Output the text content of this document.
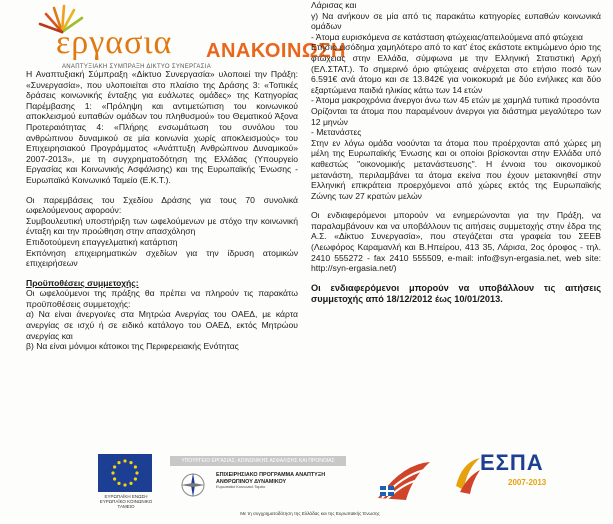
εργασια
ΑΝΑΠΤΥΞΙΑΚΗ ΣΥΜΠΡΑΞΗ ΔΙΚΤΥΟ ΣΥΝΕΡΓΑΣΙΑ
ΑΝΑΚΟΙΝΩΣΗ

Η Αναπτυξιακή Σύμπραξη «Δίκτυο Συνεργασία» υλοποιεί την Πράξη: «Συνεργασία», που υλοποιείται στο πλαίσιο της Δράσης 3: «Τοπικές δράσεις κοινωνικής ένταξης για ευάλωτες ομάδες» της Κατηγορίας Παρέμβασης 1: «Πρόληψη και αντιμετώπιση του κοινωνικού αποκλεισμού ευπαθών ομάδων του πληθυσμού» του Θεματικού Άξονα Προτεραιότητας 4: «Πλήρης ενσωμάτωση του συνόλου του ανθρώπινου δυναμικού σε μία κοινωνία χωρίς αποκλεισμούς» του Επιχειρησιακού Προγράμματος «Ανάπτυξη Ανθρώπινου Δυναμικού» 2007-2013», με τη συγχρηματοδότηση της Ελλάδας (Υπουργείο Εργασίας και Κοινωνικής Ασφάλισης) και της Ευρωπαϊκής Ένωσης - Ευρωπαϊκό Κοινωνικό Ταμείο (Ε.Κ.Τ.).

Οι παρεμβάσεις του Σχεδίου Δράσης για τους 70 συνολικά ωφελούμενους αφορούν:

Συμβουλευτική υποστήριξη των ωφελούμενων με στόχο την κοινωνική ένταξη και την προώθηση στην απασχόληση

Επιδοτούμενη επαγγελματική κατάρτιση

Εκπόνηση επιχειρηματικών σχεδίων για την ίδρυση ατομικών επιχειρήσεων

Προϋποθέσεις συμμετοχής:

Οι ωφελούμενοι της πράξης θα πρέπει να πληρούν τις παρακάτω προϋποθέσεις συμμετοχής:

α) Να είναι άνεργοι/ες στα Μητρώα Ανεργίας του ΟΑΕΔ, με κάρτα ανεργίας σε ισχύ ή σε ειδικό κατάλογο του ΟΑΕΔ, εκτός Μητρώου ανεργίας και

β) Να είναι μόνιμοι κάτοικοι της Περιφερειακής Ενότητας

Λάρισας και

γ) Να ανήκουν σε μία από τις παρακάτω κατηγορίες ευπαθών κοινωνικά ομάδων

- Άτομα ευρισκόμενα σε κατάσταση φτώχειας/απειλούμενα από φτώχεια

Ετήσιο εισόδημα χαμηλότερο από το κατ' έτος εκάστοτε εκτιμώμενο όριο της φτώχειας στην Ελλάδα, σύμφωνα με την Ελληνική Στατιστική Αρχή (ΕΛ.ΣΤΑΤ.). Το σημερινό όριο φτώχειας ανέρχεται στο ετήσιο ποσό των 6.591€ ανά άτομο και σε 13.842€ για νοικοκυριά με δύο ενήλικες και δύο εξαρτώμενα παιδιά ηλικίας κάτω των 14 ετών

- Άτομα μακροχρόνια άνεργοι άνω των 45 ετών με χαμηλά τυπικά προσόντα

Ορίζονται τα άτομα που παραμένουν άνεργοι για διάστημα μεγαλύτερο των 12 μηνών

- Μετανάστες

Στην εν λόγω ομάδα νοούνται τα άτομα που προέρχονται από χώρες μη μέλη της Ευρωπαϊκής Ένωσης και οι οποίοι βρίσκονται στην Ελλάδα υπό καθεστώς "οικονομικής μετανάστευσης". Η έννοια του οικονομικού μετανάστη, περιλαμβάνει τα άτομα εκείνα που έχουν μετακινηθεί στην Ελληνική επικράτεια προερχόμενοι από χώρες εκτός της Ευρωπαϊκής Ζώνης των 27 κρατών μελών

Οι ενδιαφερόμενοι μπορούν να ενημερώνονται για την Πράξη, να παραλαμβάνουν και να υποβάλλουν τις αιτήσεις συμμετοχής στην έδρα της Α.Σ. «Δίκτυο Συνεργασία», που στεγάζεται στα γραφεία του ΣΕΕΒ (Λεωφόρος Καραμανλή και Β.Ηπείρου, 413 35, Λάρισα, 2ος όροφος - τηλ. 2410 555272 - fax 2410 555509, e-mail: info@syn-ergasia.net, web site: http://syn-ergasia.net/)

Οι ενδιαφερόμενοι μπορούν να υποβάλλουν τις αιτήσεις συμμετοχής από 18/12/2012 έως 10/01/2013.

ΕΥΡΩΠΑΪΚΗ ΕΝΩΣΗ ΕΥΡΩΠΑΪΚΟ ΚΟΙΝΩΝΙΚΟ ΤΑΜΕΙΟ
ΥΠΟΥΡΓΕΙΟ ΕΡΓΑΣΙΑΣ, ΚΟΙΝΩΝΙΚΗΣ ΑΣΦΑΛΙΣΗΣ ΚΑΙ ΠΡΟΝΟΙΑΣ
ΕΠΙΧΕΙΡΗΣΙΑΚΟ ΠΡΟΓΡΑΜΜΑ ΑΝΑΠΤΥΞΗ ΑΝΘΡΩΠΙΝΟΥ ΔΥΝΑΜΙΚΟΥ
Ευρωπαϊκό Κοινωνικό Ταμείο
ΕΣΠΑ
2007-2013
Με τη συγχρηματοδότηση της Ελλάδας και της Ευρωπαϊκής Ένωσης
